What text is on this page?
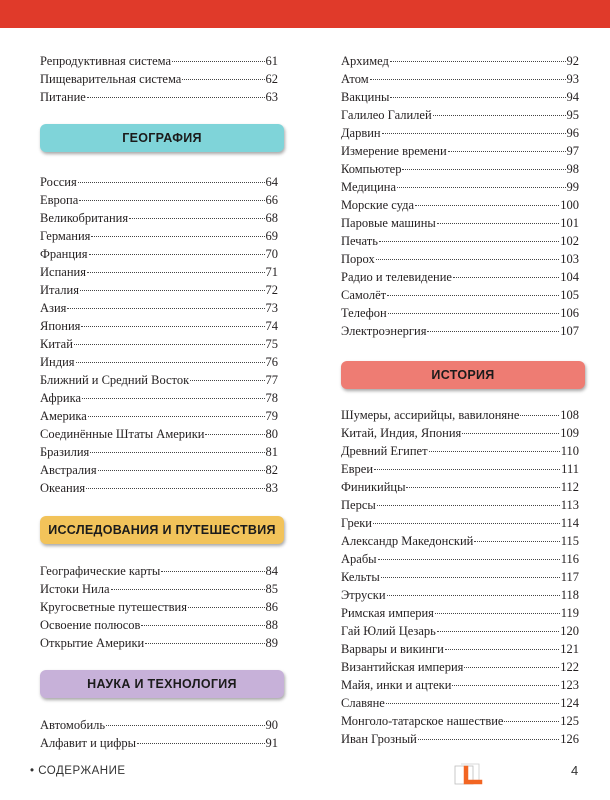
Репродуктивная система	61
Пищеварительная система	62
Питание	63
ГЕОГРАФИЯ
Россия	64
Европа	66
Великобритания	68
Германия	69
Франция	70
Испания	71
Италия	72
Азия	73
Япония	74
Китай	75
Индия	76
Ближний и Средний Восток	77
Африка	78
Америка	79
Соединённые Штаты Америки	80
Бразилия	81
Австралия	82
Океания	83
ИССЛЕДОВАНИЯ И ПУТЕШЕСТВИЯ
Географические карты	84
Истоки Нила	85
Кругосветные путешествия	86
Освоение полюсов	88
Открытие Америки	89
НАУКА И ТЕХНОЛОГИЯ
Автомобиль	90
Алфавит и цифры	91
Архимед	92
Атом	93
Вакцины	94
Галилео Галилей	95
Дарвин	96
Измерение времени	97
Компьютер	98
Медицина	99
Морские суда	100
Паровые машины	101
Печать	102
Порох	103
Радио и телевидение	104
Самолёт	105
Телефон	106
Электроэнергия	107
ИСТОРИЯ
Шумеры, ассирийцы, вавилоняне	108
Китай, Индия, Япония	109
Древний Египет	110
Евреи	111
Финикийцы	112
Персы	113
Греки	114
Александр Македонский	115
Арабы	116
Кельты	117
Этруски	118
Римская империя	119
Гай Юлий Цезарь	120
Варвары и викинги	121
Византийская империя	122
Майя, инки и ацтеки	123
Славяне	124
Монголо-татарское нашествие	125
Иван Грозный	126
• СОДЕРЖАНИЕ	4
